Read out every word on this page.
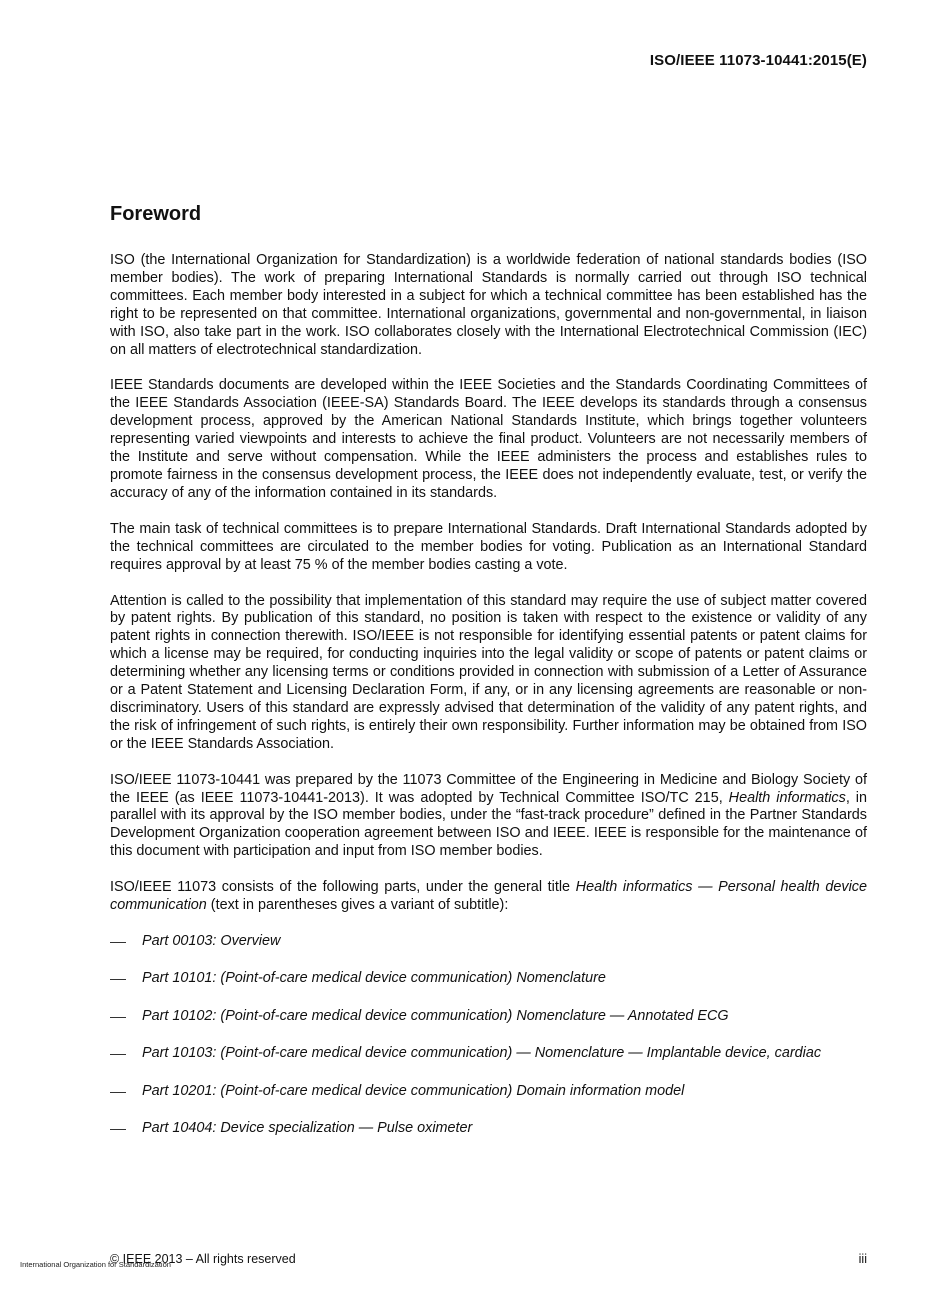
ISO/IEEE 11073-10441:2015(E)
Foreword

ISO (the International Organization for Standardization) is a worldwide federation of national standards bodies (ISO member bodies). The work of preparing International Standards is normally carried out through ISO technical committees. Each member body interested in a subject for which a technical committee has been established has the right to be represented on that committee. International organizations, governmental and non-governmental, in liaison with ISO, also take part in the work. ISO collaborates closely with the International Electrotechnical Commission (IEC) on all matters of electrotechnical standardization.

IEEE Standards documents are developed within the IEEE Societies and the Standards Coordinating Committees of the IEEE Standards Association (IEEE-SA) Standards Board. The IEEE develops its standards through a consensus development process, approved by the American National Standards Institute, which brings together volunteers representing varied viewpoints and interests to achieve the final product. Volunteers are not necessarily members of the Institute and serve without compensation. While the IEEE administers the process and establishes rules to promote fairness in the consensus development process, the IEEE does not independently evaluate, test, or verify the accuracy of any of the information contained in its standards.

The main task of technical committees is to prepare International Standards. Draft International Standards adopted by the technical committees are circulated to the member bodies for voting. Publication as an International Standard requires approval by at least 75 % of the member bodies casting a vote.

Attention is called to the possibility that implementation of this standard may require the use of subject matter covered by patent rights. By publication of this standard, no position is taken with respect to the existence or validity of any patent rights in connection therewith. ISO/IEEE is not responsible for identifying essential patents or patent claims for which a license may be required, for conducting inquiries into the legal validity or scope of patents or patent claims or determining whether any licensing terms or conditions provided in connection with submission of a Letter of Assurance or a Patent Statement and Licensing Declaration Form, if any, or in any licensing agreements are reasonable or non-discriminatory. Users of this standard are expressly advised that determination of the validity of any patent rights, and the risk of infringement of such rights, is entirely their own responsibility. Further information may be obtained from ISO or the IEEE Standards Association.

ISO/IEEE 11073-10441 was prepared by the 11073 Committee of the Engineering in Medicine and Biology Society of the IEEE (as IEEE 11073-10441-2013). It was adopted by Technical Committee ISO/TC 215, Health informatics, in parallel with its approval by the ISO member bodies, under the “fast-track procedure” defined in the Partner Standards Development Organization cooperation agreement between ISO and IEEE. IEEE is responsible for the maintenance of this document with participation and input from ISO member bodies.

ISO/IEEE 11073 consists of the following parts, under the general title Health informatics — Personal health device communication (text in parentheses gives a variant of subtitle):

Part 00103: Overview
Part 10101: (Point-of-care medical device communication) Nomenclature
Part 10102: (Point-of-care medical device communication) Nomenclature — Annotated ECG
Part 10103: (Point-of-care medical device communication) — Nomenclature — Implantable device, cardiac
Part 10201: (Point-of-care medical device communication) Domain information model
Part 10404: Device specialization — Pulse oximeter
International Organization for Standardization
© IEEE 2013 – All rights reserved	iii
